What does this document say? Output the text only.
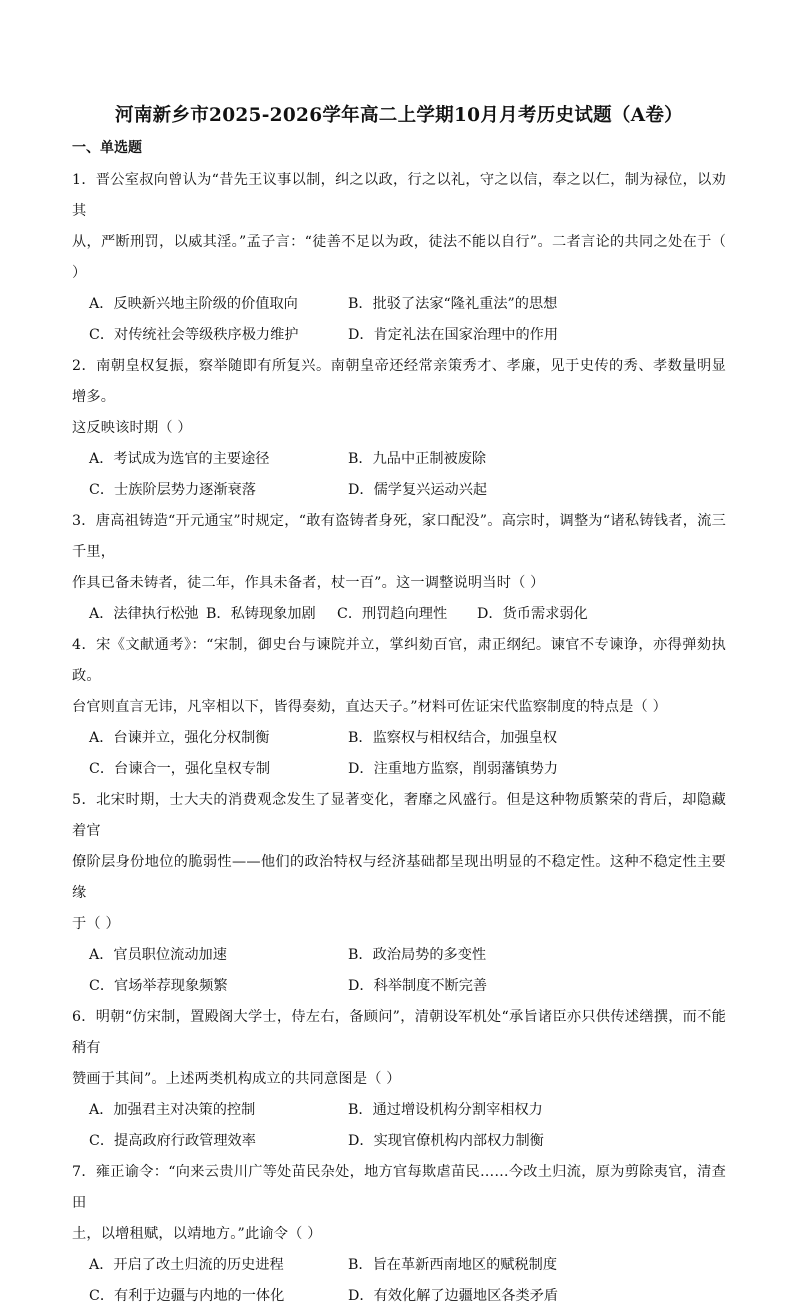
河南新乡市2025-2026学年高二上学期10月月考历史试题（A卷）
一、单选题

1．晋公室叔向曾认为“昔先王议事以制，纠之以政，行之以礼，守之以信，奉之以仁，制为禄位，以劝其

从，严断刑罚，以威其淫。”孟子言：“徒善不足以为政，徒法不能以自行”。二者言论的共同之处在于（ ）

A．反映新兴地主阶级的价值取向	B．批驳了法家“隆礼重法”的思想
C．对传统社会等级秩序极力维护	D．肯定礼法在国家治理中的作用

2．南朝皇权复振，察举随即有所复兴。南朝皇帝还经常亲策秀才、孝廉，见于史传的秀、孝数量明显增多。

这反映该时期（ ）

A．考试成为选官的主要途径	B．九品中正制被废除
C．士族阶层势力逐渐衰落	D．儒学复兴运动兴起

3．唐高祖铸造“开元通宝”时规定，“敢有盗铸者身死，家口配没”。高宗时，调整为“诸私铸钱者，流三千里，

作具已备未铸者，徒二年，作具未备者，杖一百”。这一调整说明当时（ ）

A．法律执行松弛 B．私铸现象加剧	C．刑罚趋向理性	D．货币需求弱化

4．宋《文献通考》：“宋制，御史台与谏院并立，掌纠劾百官，肃正纲纪。谏官不专谏诤，亦得弹劾执政。

台官则直言无讳，凡宰相以下，皆得奏劾，直达天子。”材料可佐证宋代监察制度的特点是（ ）

A．台谏并立，强化分权制衡	B．监察权与相权结合，加强皇权
C．台谏合一，强化皇权专制	D．注重地方监察，削弱藩镇势力

5．北宋时期，士大夫的消费观念发生了显著变化，奢靡之风盛行。但是这种物质繁荣的背后，却隐藏着官

僚阶层身份地位的脆弱性——他们的政治特权与经济基础都呈现出明显的不稳定性。这种不稳定性主要缘

于（ ）

A．官员职位流动加速	B．政治局势的多变性
C．官场举荐现象频繁	D．科举制度不断完善

6．明朝“仿宋制，置殿阁大学士，侍左右，备顾问”，清朝设军机处“承旨诸臣亦只供传述缮撰，而不能稍有

赞画于其间”。上述两类机构成立的共同意图是（ ）

A．加强君主对决策的控制	B．通过增设机构分割宰相权力
C．提高政府行政管理效率	D．实现官僚机构内部权力制衡

7．雍正谕令：“向来云贵川广等处苗民杂处，地方官每欺虐苗民……今改土归流，原为剪除夷官，清查田

土，以增租赋，以靖地方。”此谕令（ ）

A．开启了改土归流的历史进程	B．旨在革新西南地区的赋税制度
C．有利于边疆与内地的一体化	D．有效化解了边疆地区各类矛盾
